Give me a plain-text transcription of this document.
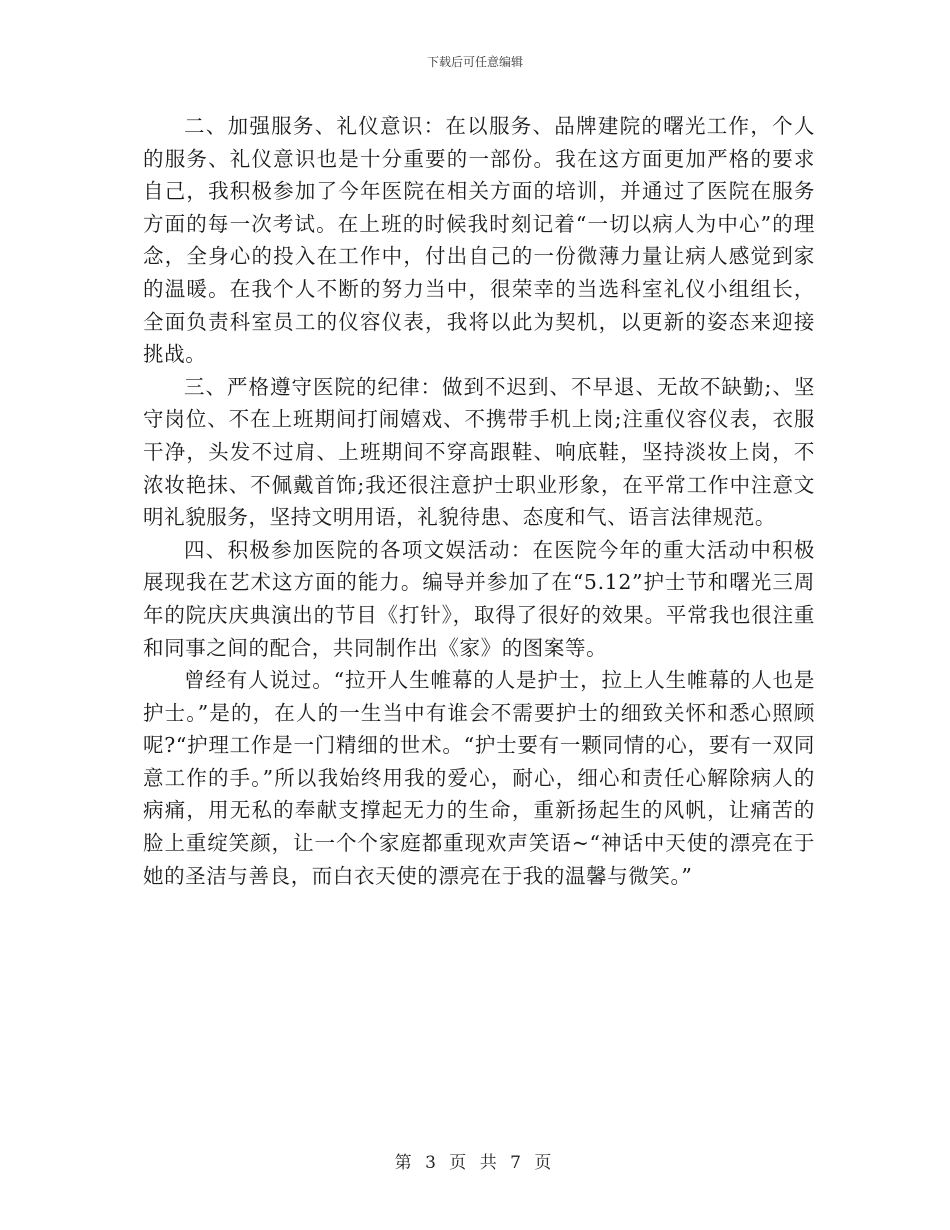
下载后可任意编辑

二、加强服务、礼仪意识：在以服务、品牌建院的曙光工作，个人的服务、礼仪意识也是十分重要的一部份。我在这方面更加严格的要求自己，我积极参加了今年医院在相关方面的培训，并通过了医院在服务方面的每一次考试。在上班的时候我时刻记着“一切以病人为中心”的理念，全身心的投入在工作中，付出自己的一份微薄力量让病人感觉到家的温暖。在我个人不断的努力当中，很荣幸的当选科室礼仪小组组长，全面负责科室员工的仪容仪表，我将以此为契机，以更新的姿态来迎接挑战。

三、严格遵守医院的纪律：做到不迟到、不早退、无故不缺勤;、坚守岗位、不在上班期间打闹嬉戏、不携带手机上岗;注重仪容仪表，衣服干净，头发不过肩、上班期间不穿高跟鞋、响底鞋，坚持淡妆上岗，不浓妆艳抹、不佩戴首饰;我还很注意护士职业形象，在平常工作中注意文明礼貌服务，坚持文明用语，礼貌待患、态度和气、语言法律规范。

四、积极参加医院的各项文娱活动：在医院今年的重大活动中积极展现我在艺术这方面的能力。编导并参加了在“5.12”护士节和曙光三周年的院庆庆典演出的节目《打针》，取得了很好的效果。平常我也很注重和同事之间的配合，共同制作出《家》的图案等。

曾经有人说过。“拉开人生帷幕的人是护士，拉上人生帷幕的人也是护士。”是的，在人的一生当中有谁会不需要护士的细致关怀和悉心照顾呢?“护理工作是一门精细的世术。“护士要有一颗同情的心，要有一双同意工作的手。”所以我始终用我的爱心，耐心，细心和责任心解除病人的病痛，用无私的奉献支撑起无力的生命，重新扬起生的风帆，让痛苦的脸上重绽笑颜，让一个个家庭都重现欢声笑语~“神话中天使的漂亮在于她的圣洁与善良，而白衣天使的漂亮在于我的温馨与微笑。”

第 3 页 共 7 页
